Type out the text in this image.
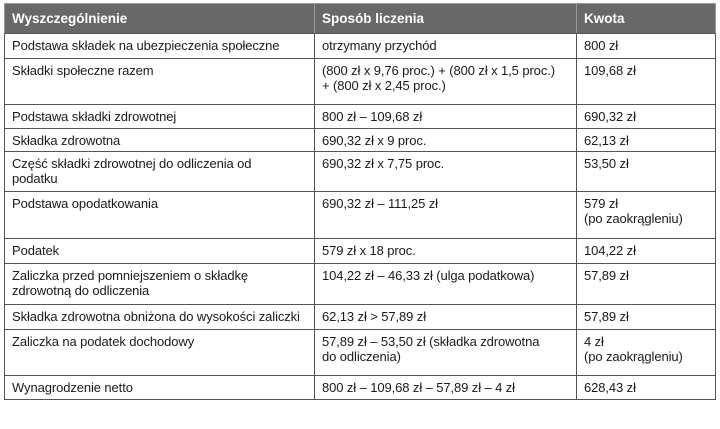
Wyszczególnienie	Sposób liczenia	Kwota

Podstawa składek na ubezpieczenia społeczne	otrzymany przychód	800 zł

Składki społeczne razem	(800 zł x 9,76 proc.) + (800 zł x 1,5 proc.)
+ (800 zł x 2,45 proc.)	109,68 zł

Podstawa składki zdrowotnej	800 zł – 109,68 zł	690,32 zł

Składka zdrowotna	690,32 zł x 9 proc.	62,13 zł

Część składki zdrowotnej do odliczenia od
podatku	690,32 zł x 7,75 proc.	53,50 zł

Podstawa opodatkowania	690,32 zł – 111,25 zł	579 zł
(po zaokrągleniu)

Podatek	579 zł x 18 proc.	104,22 zł

Zaliczka przed pomniejszeniem o składkę
zdrowotną do odliczenia	104,22 zł – 46,33 zł (ulga podatkowa)	57,89 zł

Składka zdrowotna obniżona do wysokości zaliczki	62,13 zł > 57,89 zł	57,89 zł

Zaliczka na podatek dochodowy	57,89 zł – 53,50 zł (składka zdrowotna
do odliczenia)	4 zł
(po zaokrągleniu)

Wynagrodzenie netto	800 zł – 109,68 zł – 57,89 zł – 4 zł	628,43 zł
